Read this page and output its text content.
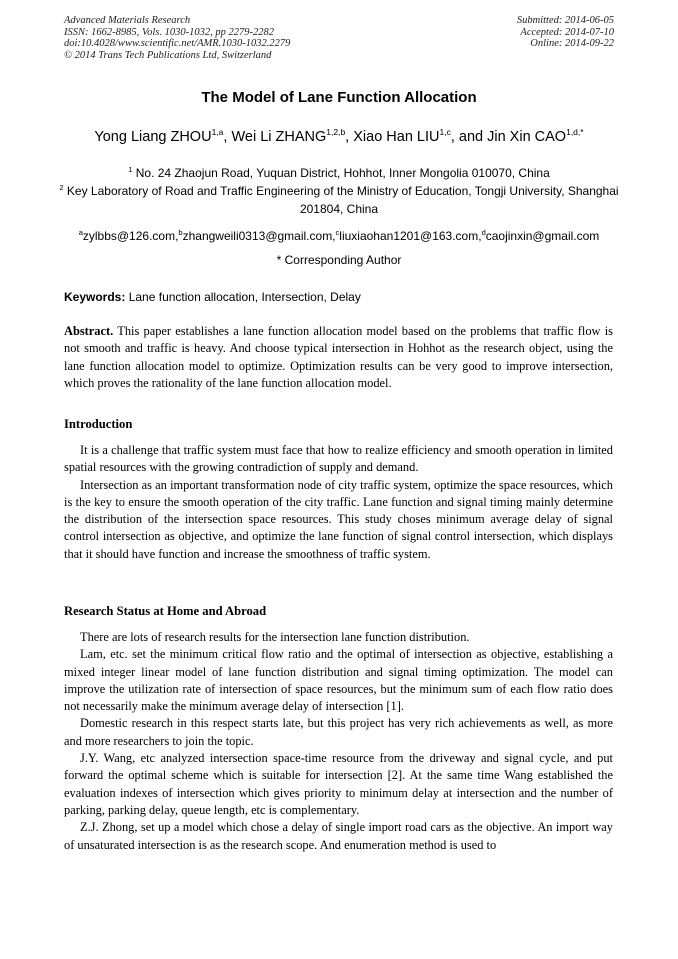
Advanced Materials Research
ISSN: 1662-8985, Vols. 1030-1032, pp 2279-2282
doi:10.4028/www.scientific.net/AMR.1030-1032.2279
© 2014 Trans Tech Publications Ltd, Switzerland
Submitted: 2014-06-05
Accepted: 2014-07-10
Online: 2014-09-22
The Model of Lane Function Allocation
Yong Liang ZHOU$^{1,a}$, Wei Li ZHANG$^{1,2,b}$, Xiao Han LIU$^{1,c}$, and Jin Xin $CAO^{1,d,*}$
$^1$ No. 24 Zhaojun Road, Yuquan District, Hohhot, Inner Mongolia 010070, China
$^2$ Key Laboratory of Road and Traffic Engineering of the Ministry of Education, Tongji University, Shanghai 201804, China
$^a$zylbbs@126.com,$^b$zhangweili0313@gmail.com,$^c$liuxiaohan1201@163.com,$^d$caojinxin@gmail.com
* Corresponding Author
Keywords: Lane function allocation, Intersection, Delay
Abstract. This paper establishes a lane function allocation model based on the problems that traffic flow is not smooth and traffic is heavy. And choose typical intersection in Hohhot as the research object, using the lane function allocation model to optimize. Optimization results can be very good to improve intersection, which proves the rationality of the lane function allocation model.
Introduction

It is a challenge that traffic system must face that how to realize efficiency and smooth operation in limited spatial resources with the growing contradiction of supply and demand.

Intersection as an important transformation node of city traffic system, optimize the space resources, which is the key to ensure the smooth operation of the city traffic. Lane function and signal timing mainly determine the distribution of the intersection space resources. This study choses minimum average delay of signal control intersection as objective, and optimize the lane function of signal control intersection, which displays that it should have function and increase the smoothness of traffic system.

Research Status at Home and Abroad

There are lots of research results for the intersection lane function distribution.

Lam, etc. set the minimum critical flow ratio and the optimal of intersection as objective, establishing a mixed integer linear model of lane function distribution and signal timing optimization. The model can improve the utilization rate of intersection of space resources, but the minimum sum of each flow ratio does not necessarily make the minimum average delay of intersection [1].

Domestic research in this respect starts late, but this project has very rich achievements as well, as more and more researchers to join the topic.

J.Y. Wang, etc analyzed intersection space-time resource from the driveway and signal cycle, and put forward the optimal scheme which is suitable for intersection [2]. At the same time Wang established the evaluation indexes of intersection which gives priority to minimum delay at intersection and the number of parking, parking delay, queue length, etc is complementary.

Z.J. Zhong, set up a model which chose a delay of single import road cars as the objective. An import way of unsaturated intersection is as the research scope. And enumeration method is used to
